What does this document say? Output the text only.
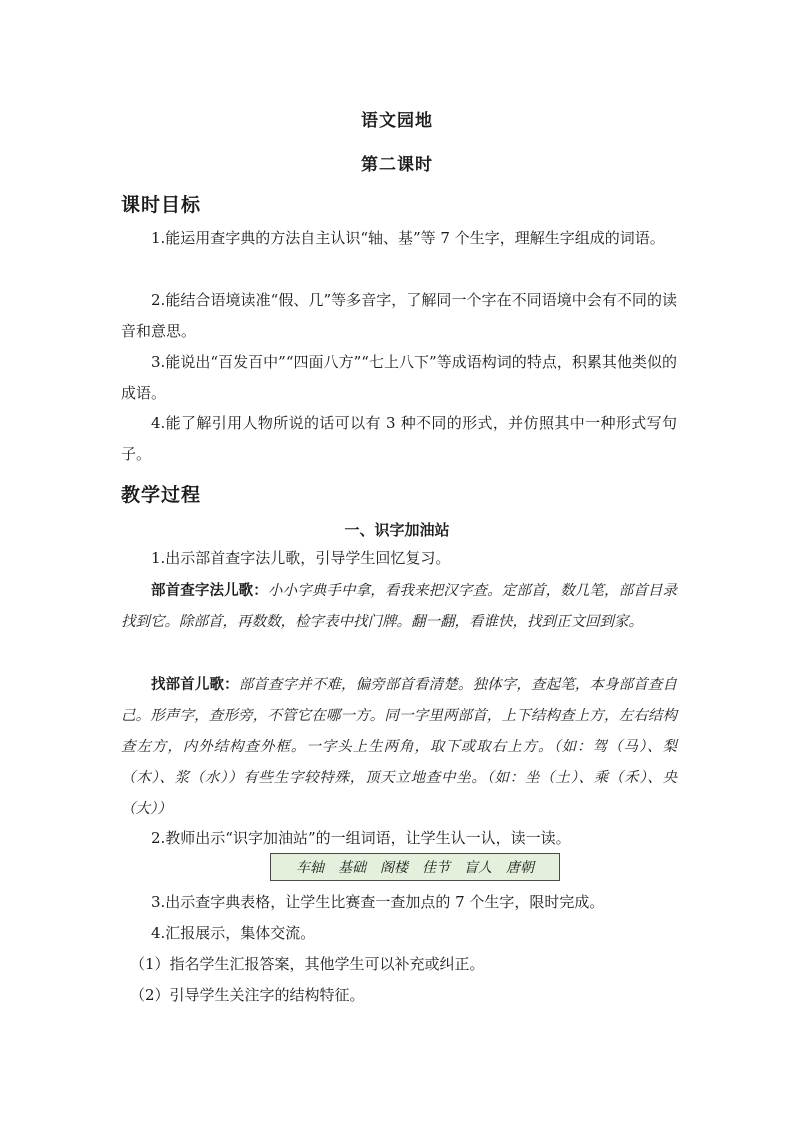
语文园地
第二课时
课时目标
1.能运用查字典的方法自主认识“轴、基”等 7 个生字，理解生字组成的词语。
2.能结合语境读准“假、几”等多音字，了解同一个字在不同语境中会有不同的读音和意思。
3.能说出“百发百中”“四面八方”“七上八下”等成语构词的特点，积累其他类似的成语。
4.能了解引用人物所说的话可以有 3 种不同的形式，并仿照其中一种形式写句子。
教学过程
一、识字加油站
1.出示部首查字法儿歌，引导学生回忆复习。
部首查字法儿歌：小小字典手中拿，看我来把汉字查。定部首，数几笔，部首目录找到它。除部首，再数数，检字表中找门牌。翻一翻，看谁快，找到正文回到家。
找部首儿歌：部首查字并不难，偏旁部首看清楚。独体字，查起笔，本身部首查自己。形声字，查形旁，不管它在哪一方。同一字里两部首，上下结构查上方，左右结构查左方，内外结构查外框。一字头上生两角，取下或取右上方。（如：驾（马）、梨（木）、浆（水））有些生字较特殊，顶天立地查中坐。（如：坐（土）、乘（禾）、央（大））
2.教师出示“识字加油站”的一组词语，让学生认一认，读一读。
车轴 基础 阁楼 佳节 盲人 唐朝
3.出示查字典表格，让学生比赛查一查加点的 7 个生字，限时完成。
4.汇报展示，集体交流。
（1）指名学生汇报答案，其他学生可以补充或纠正。
（2）引导学生关注字的结构特征。
